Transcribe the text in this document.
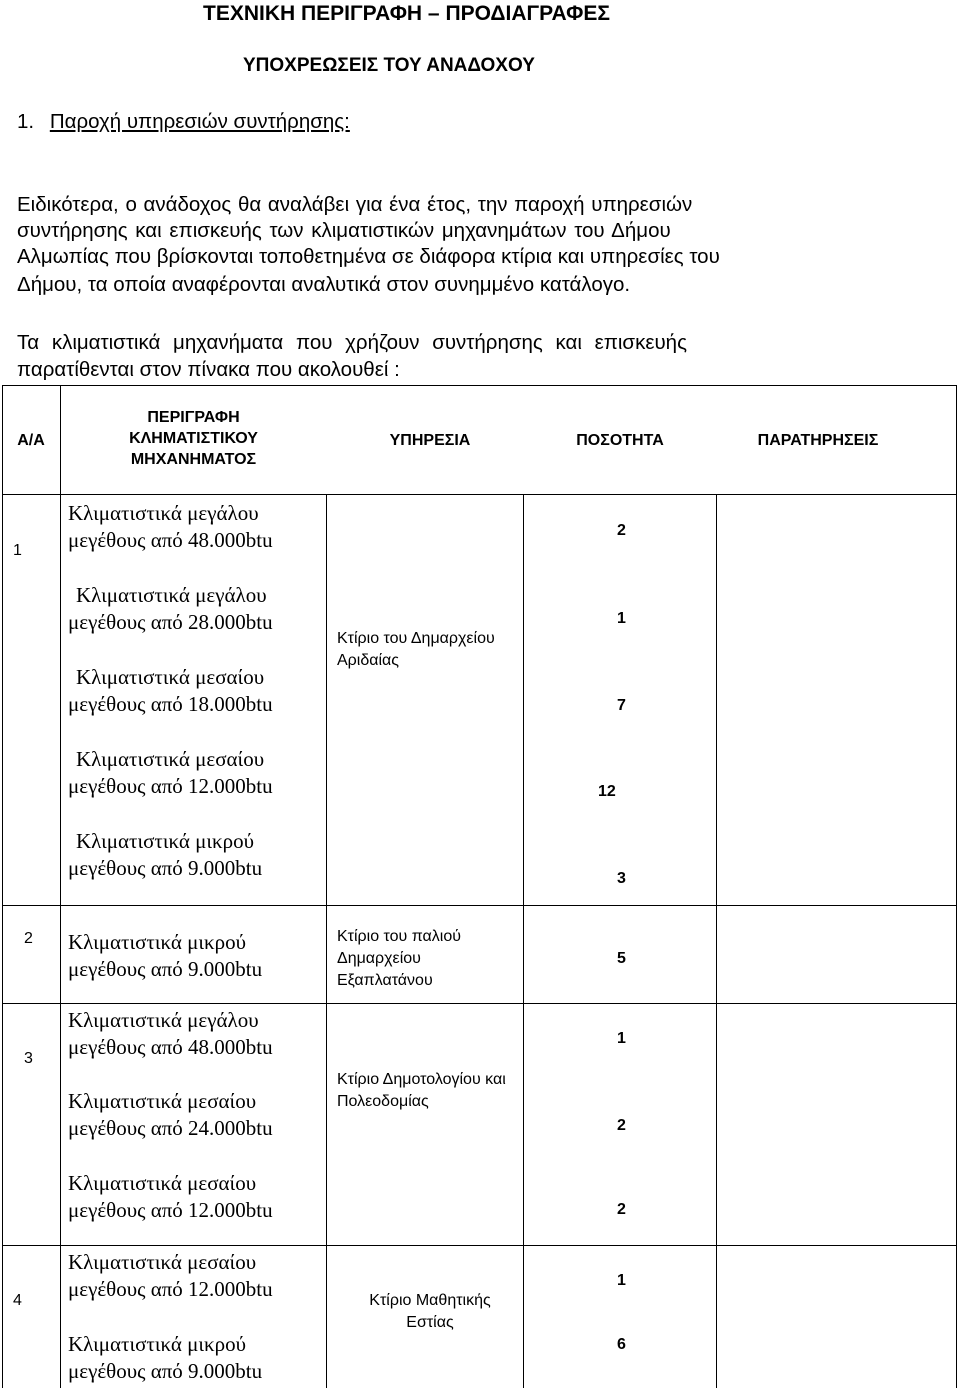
ΤΕΧΝΙΚΗ ΠΕΡΙΓΡΑΦΗ – ΠΡΟΔΙΑΓΡΑΦΕΣ
ΥΠΟΧΡΕΩΣΕΙΣ ΤΟΥ ΑΝΑΔΟΧΟΥ
1. Παροχή υπηρεσιών συντήρησης:
Ειδικότερα, ο ανάδοχος θα αναλάβει για ένα έτος, την παροχή υπηρεσιών
συντήρησης και επισκευής των κλιματιστικών μηχανημάτων του Δήμου
Αλμωπίας που βρίσκονται τοποθετημένα σε διάφορα κτίρια και υπηρεσίες του
Δήμου, τα οποία αναφέρονται αναλυτικά στον συνημμένο κατάλογο.
Τα κλιματιστικά μηχανήματα που χρήζουν συντήρησης και επισκευής
παρατίθενται στον πίνακα που ακολουθεί :
Α/Α
ΠΕΡΙΓΡΑΦΗ
ΚΛΗΜΑΤΙΣΤΙΚΟΥ
ΜΗΧΑΝΗΜΑΤΟΣ
ΥΠΗΡΕΣΙΑ	ΠΟΣΟΤΗΤΑ	ΠΑΡΑΤΗΡΗΣΕΙΣ
1
Κλιματιστικά μεγάλου
μεγέθους από 48.000btu
Κλιματιστικά μεγάλου
μεγέθους από 28.000btu
Κλιματιστικά μεσαίου
μεγέθους από 18.000btu
Κλιματιστικά μεσαίου
μεγέθους από 12.000btu
Κλιματιστικά μικρού
μεγέθους από 9.000btu
Κτίριο του Δημαρχείου
Αριδαίας
2
1
7
12
3
2 Κλιματιστικά μικρού
μεγέθους από 9.000btu
Κτίριο του παλιού
Δημαρχείου
Εξαπλατάνου
5
3
Κλιματιστικά μεγάλου
μεγέθους από 48.000btu
Κλιματιστικά μεσαίου
μεγέθους από 24.000btu
Κλιματιστικά μεσαίου
μεγέθους από 12.000btu
Κτίριο Δημοτολογίου και
Πολεοδομίας
1
2
2
4
Κλιματιστικά μεσαίου
μεγέθους από 12.000btu
Κλιματιστικά μικρού
μεγέθους από 9.000btu
Κτίριο Μαθητικής
Εστίας
1
6
